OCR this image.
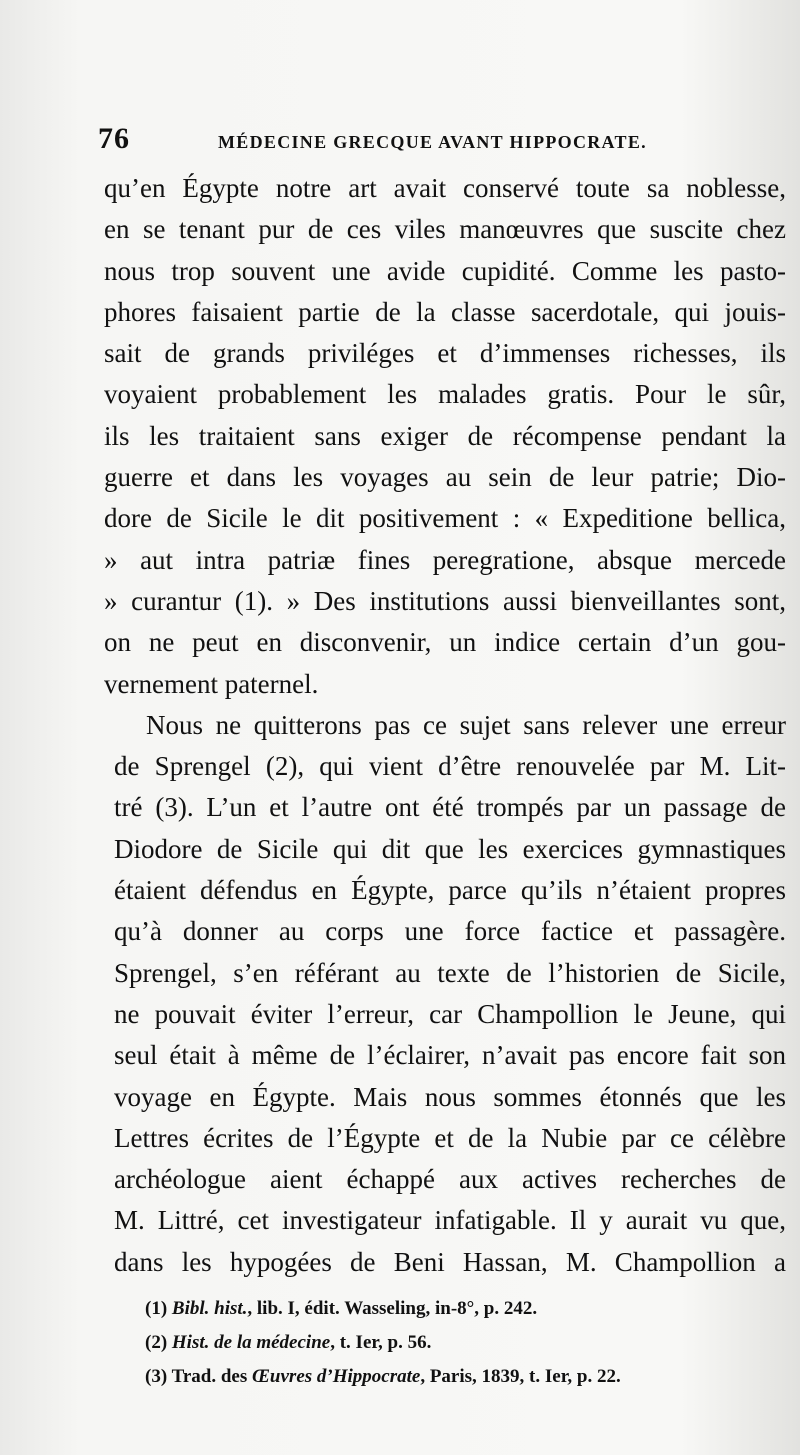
76	MÉDECINE GRECQUE AVANT HIPPOCRATE.
qu’en Égypte notre art avait conservé toute sa noblesse,
en se tenant pur de ces viles manœuvres que suscite chez
nous trop souvent une avide cupidité. Comme les pasto-
phores faisaient partie de la classe sacerdotale, qui jouis-
sait de grands priviléges et d’immenses richesses, ils
voyaient probablement les malades gratis. Pour le sûr,
ils les traitaient sans exiger de récompense pendant la
guerre et dans les voyages au sein de leur patrie; Dio-
dore de Sicile le dit positivement : « Expeditione bellica,
» aut intra patriæ fines peregratione, absque mercede
» curantur (1). » Des institutions aussi bienveillantes sont,
on ne peut en disconvenir, un indice certain d’un gou-
vernement paternel.
Nous ne quitterons pas ce sujet sans relever une erreur
de Sprengel (2), qui vient d’être renouvelée par M. Lit-
tré (3). L’un et l’autre ont été trompés par un passage de
Diodore de Sicile qui dit que les exercices gymnastiques
étaient défendus en Égypte, parce qu’ils n’étaient propres
qu’à donner au corps une force factice et passagère.
Sprengel, s’en référant au texte de l’historien de Sicile,
ne pouvait éviter l’erreur, car Champollion le Jeune, qui
seul était à même de l’éclairer, n’avait pas encore fait son
voyage en Égypte. Mais nous sommes étonnés que les
Lettres écrites de l’Égypte et de la Nubie par ce célèbre
archéologue aient échappé aux actives recherches de
M. Littré, cet investigateur infatigable. Il y aurait vu que,
dans les hypogées de Beni Hassan, M. Champollion a
(1) Bibl. hist., lib. I, édit. Wasseling, in-8°, p. 242.
(2) Hist. de la médecine, t. Ier, p. 56.
(3) Trad. des Œuvres d’Hippocrate, Paris, 1839, t. Ier, p. 22.
